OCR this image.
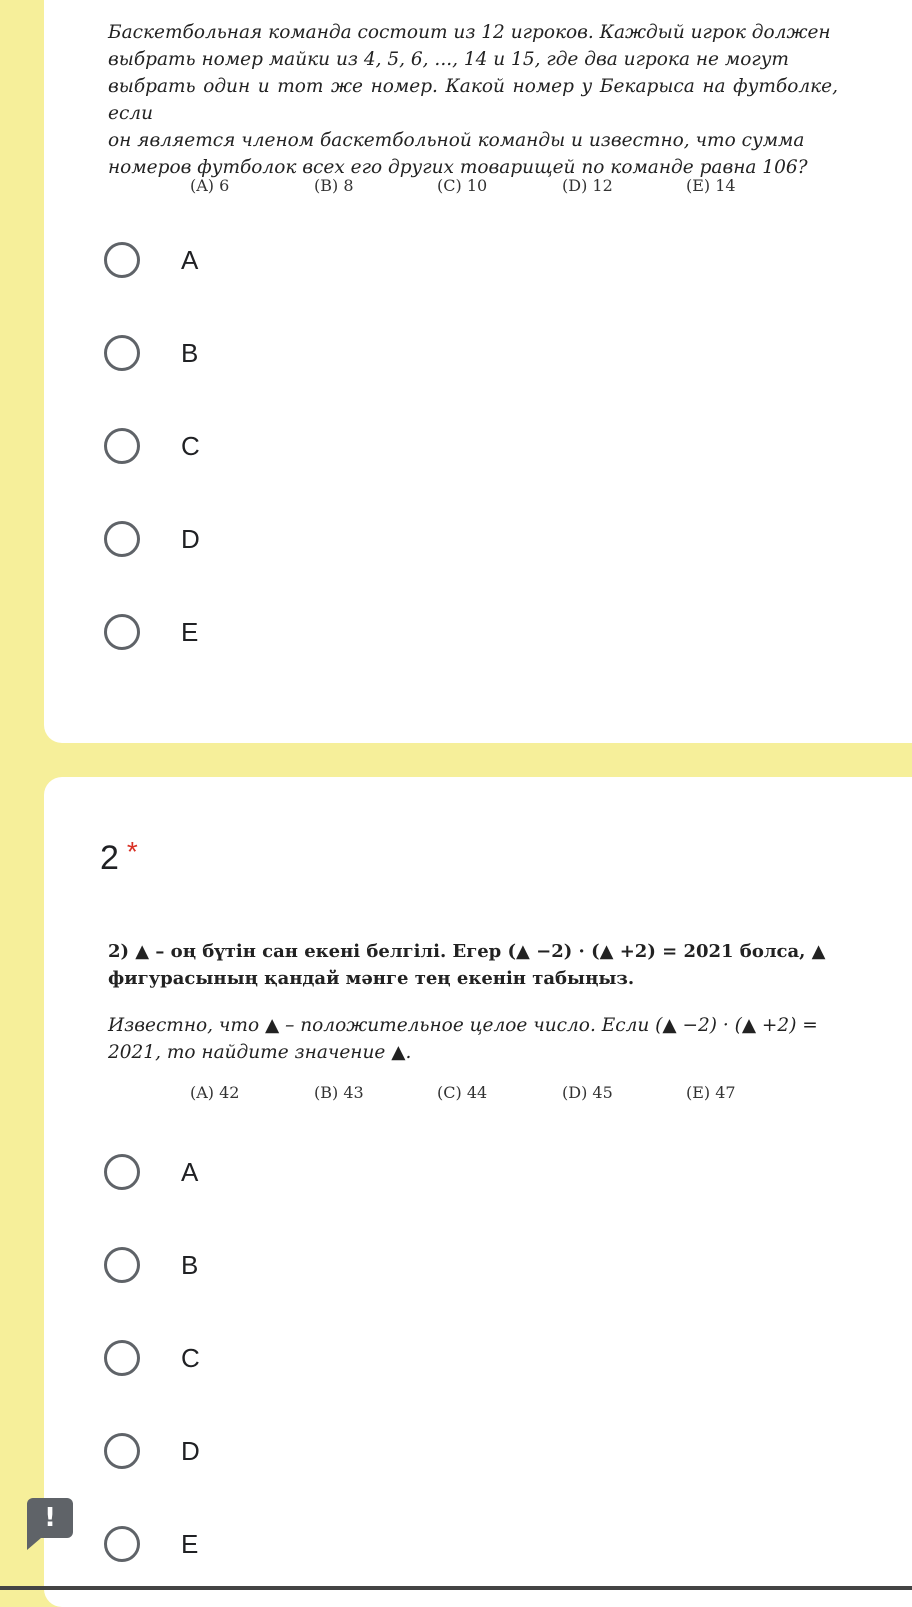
Баскетбольная команда состоит из 12 игроков. Каждый игрок должен
выбрать номер майки из 4, 5, 6, ..., 14 и 15, где два игрока не могут
выбрать один и тот же номер. Какой номер у Бекарыса на футболке, если
он является членом баскетбольной команды и известно, что сумма
номеров футболок всех его других товарищей по команде равна 106?
(A) 6	(B) 8	(C) 10	(D) 12	(E) 14
A
B
C
D
E
2 *
2) ▲ – оң бүтін сан екені белгілі. Егер (▲ −2) · (▲ +2) = 2021 болса, ▲
фигурасының қандай мәнге тең екенін табыңыз.
Известно, что ▲ – положительное целое число. Если (▲ −2) · (▲ +2) =
2021, то найдите значение ▲.
(A) 42	(B) 43	(C) 44	(D) 45	(E) 47
A
B
C
D
E
!
